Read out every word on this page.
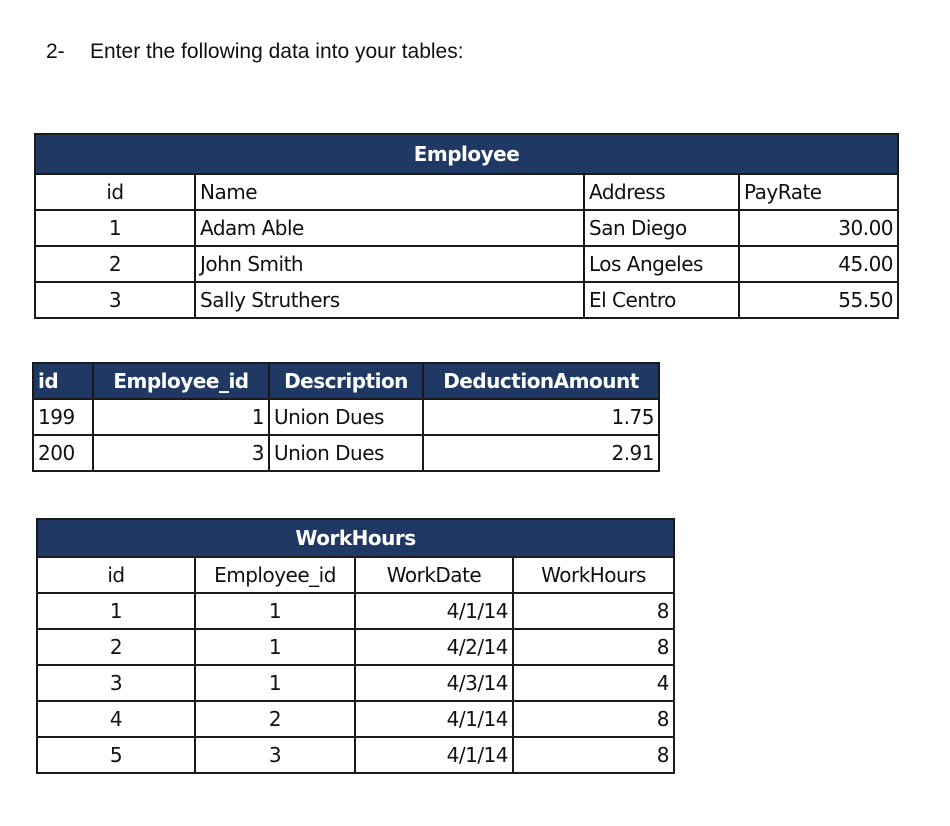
2- Enter the following data into your tables:
Employee			
id	Name	Address	PayRate
1	Adam Able	San Diego	30.00
2	John Smith	Los Angeles	45.00
3	Sally Struthers	El Centro	55.50
id	Employee_id	Description	DeductionAmount
199	1	Union Dues	1.75
200	3	Union Dues	2.91
WorkHours			
id	Employee_id	WorkDate	WorkHours
1	1	4/1/14	8
2	1	4/2/14	8
3	1	4/3/14	4
4	2	4/1/14	8
5	3	4/1/14	8
